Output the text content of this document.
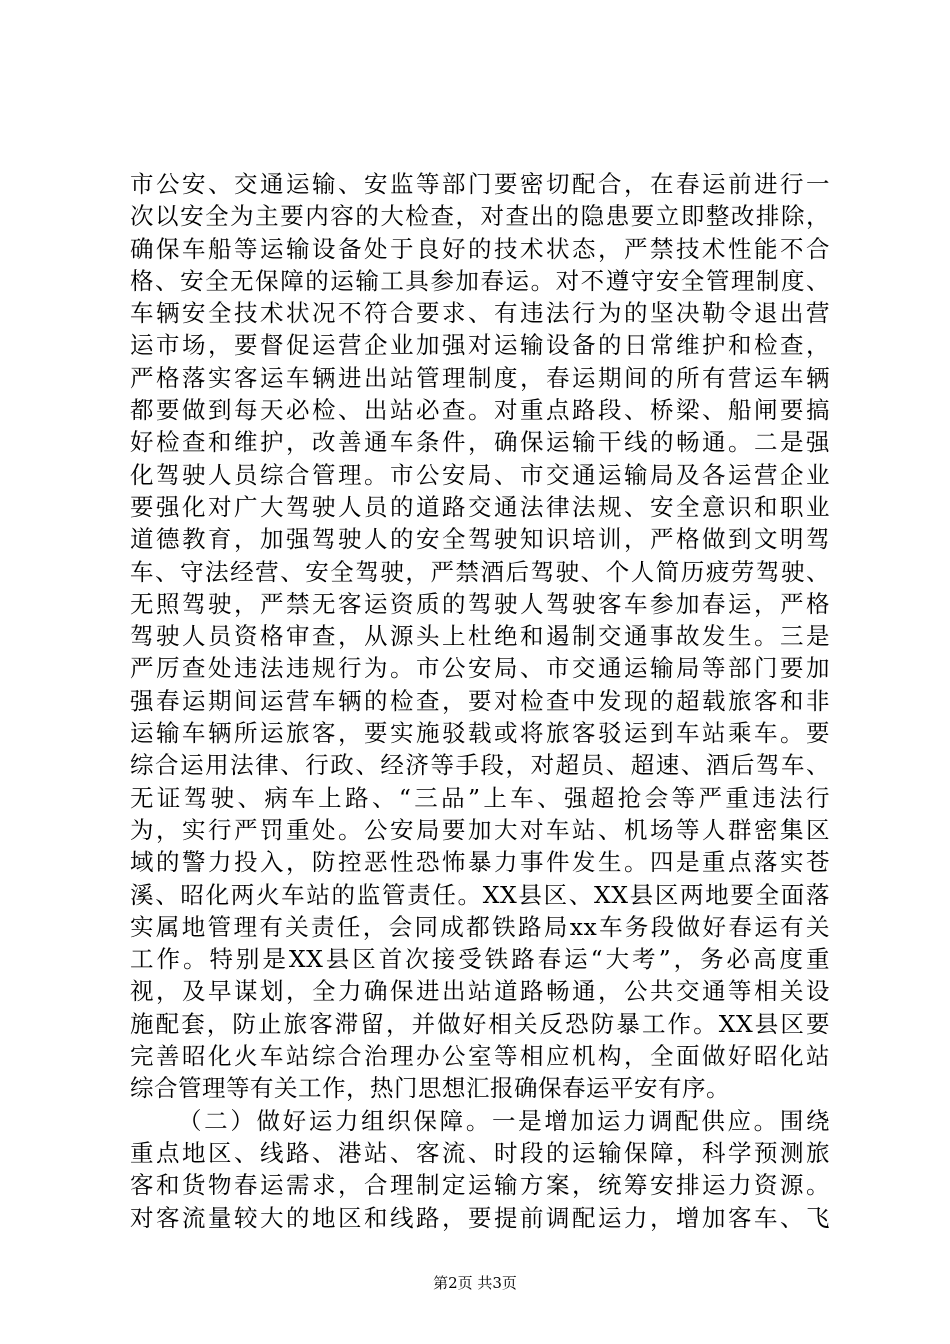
市公安、交通运输、安监等部门要密切配合，在春运前进行一
次以安全为主要内容的大检查，对查出的隐患要立即整改排除，
确保车船等运输设备处于良好的技术状态，严禁技术性能不合
格、安全无保障的运输工具参加春运。对不遵守安全管理制度、
车辆安全技术状况不符合要求、有违法行为的坚决勒令退出营
运市场，要督促运营企业加强对运输设备的日常维护和检查，
严格落实客运车辆进出站管理制度，春运期间的所有营运车辆
都要做到每天必检、出站必查。对重点路段、桥梁、船闸要搞
好检查和维护，改善通车条件，确保运输干线的畅通。二是强
化驾驶人员综合管理。市公安局、市交通运输局及各运营企业
要强化对广大驾驶人员的道路交通法律法规、安全意识和职业
道德教育，加强驾驶人的安全驾驶知识培训，严格做到文明驾
车、守法经营、安全驾驶，严禁酒后驾驶、个人简历疲劳驾驶、
无照驾驶，严禁无客运资质的驾驶人驾驶客车参加春运，严格
驾驶人员资格审查，从源头上杜绝和遏制交通事故发生。三是
严厉查处违法违规行为。市公安局、市交通运输局等部门要加
强春运期间运营车辆的检查，要对检查中发现的超载旅客和非
运输车辆所运旅客，要实施驳载或将旅客驳运到车站乘车。要
综合运用法律、行政、经济等手段，对超员、超速、酒后驾车、
无证驾驶、病车上路、“三品”上车、强超抢会等严重违法行
为，实行严罚重处。公安局要加大对车站、机场等人群密集区
域的警力投入，防控恶性恐怖暴力事件发生。四是重点落实苍
溪、昭化两火车站的监管责任。XX县区、XX县区两地要全面落
实属地管理有关责任，会同成都铁路局xx车务段做好春运有关
工作。特别是XX县区首次接受铁路春运“大考”，务必高度重
视，及早谋划，全力确保进出站道路畅通，公共交通等相关设
施配套，防止旅客滞留，并做好相关反恐防暴工作。XX县区要
完善昭化火车站综合治理办公室等相应机构，全面做好昭化站
综合管理等有关工作，热门思想汇报确保春运平安有序。
（二）做好运力组织保障。一是增加运力调配供应。围绕
重点地区、线路、港站、客流、时段的运输保障，科学预测旅
客和货物春运需求，合理制定运输方案，统筹安排运力资源。
对客流量较大的地区和线路，要提前调配运力，增加客车、飞
第2页 共3页
